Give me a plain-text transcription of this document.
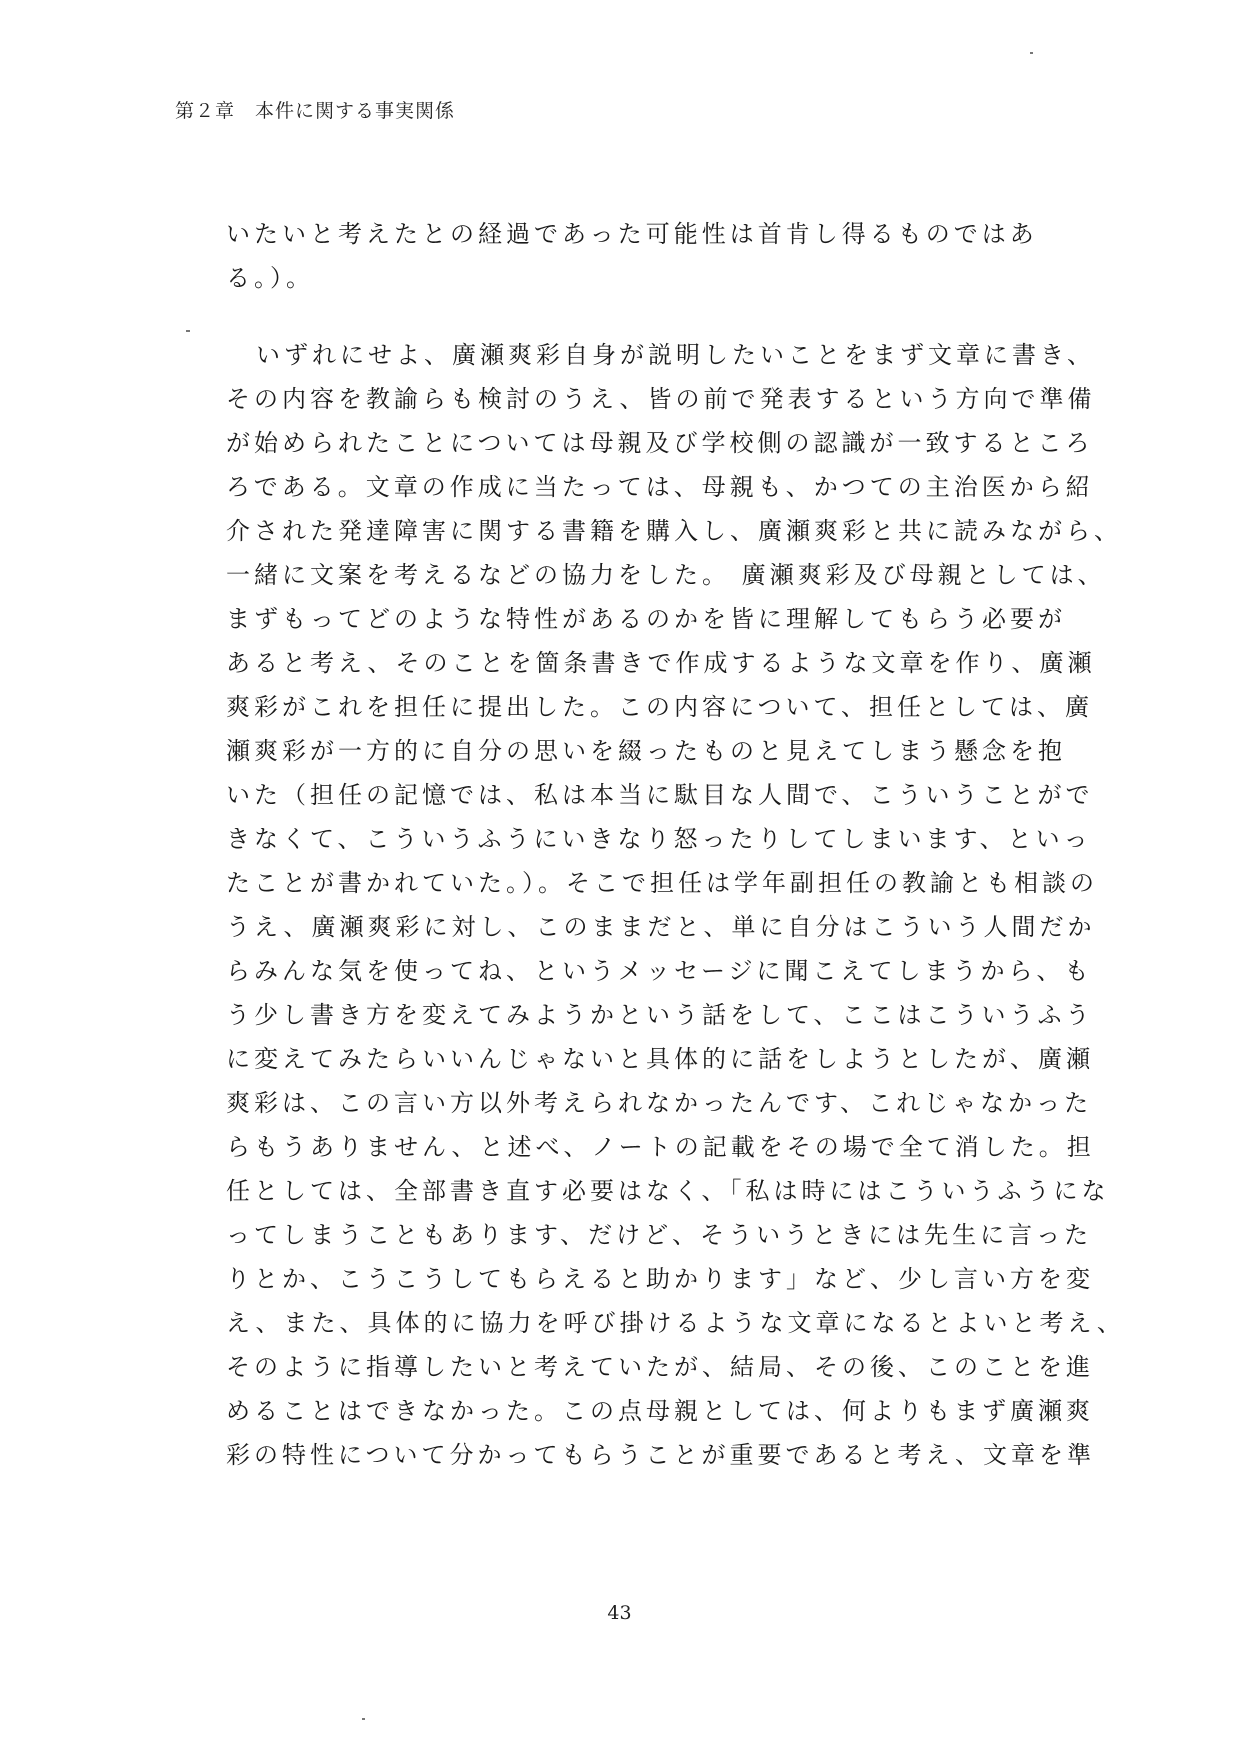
第２章　本件に関する事実関係
いたいと考えたとの経過であった可能性は首肯し得るものではあ
る。）。
いずれにせよ、廣瀬爽彩自身が説明したいことをまず文章に書き、
その内容を教諭らも検討のうえ、皆の前で発表するという方向で準備
が始められたことについては母親及び学校側の認識が一致するところ
ろである。文章の作成に当たっては、母親も、かつての主治医から紹
介された発達障害に関する書籍を購入し、廣瀬爽彩と共に読みながら、
一緒に文案を考えるなどの協力をした。 廣瀬爽彩及び母親としては、
まずもってどのような特性があるのかを皆に理解してもらう必要が
あると考え、そのことを箇条書きで作成するような文章を作り、廣瀬
爽彩がこれを担任に提出した。この内容について、担任としては、廣
瀬爽彩が一方的に自分の思いを綴ったものと見えてしまう懸念を抱
いた（担任の記憶では、私は本当に駄目な人間で、こういうことがで
きなくて、こういうふうにいきなり怒ったりしてしまいます、といっ
たことが書かれていた。）。そこで担任は学年副担任の教諭とも相談の
うえ、廣瀬爽彩に対し、このままだと、単に自分はこういう人間だか
らみんな気を使ってね、というメッセージに聞こえてしまうから、も
う少し書き方を変えてみようかという話をして、ここはこういうふう
に変えてみたらいいんじゃないと具体的に話をしようとしたが、廣瀬
爽彩は、この言い方以外考えられなかったんです、これじゃなかった
らもうありません、と述べ、ノートの記載をその場で全て消した。担
任としては、全部書き直す必要はなく、「私は時にはこういうふうにな
ってしまうこともあります、だけど、そういうときには先生に言った
りとか、こうこうしてもらえると助かります」など、少し言い方を変
え、また、具体的に協力を呼び掛けるような文章になるとよいと考え、
そのように指導したいと考えていたが、結局、その後、このことを進
めることはできなかった。この点母親としては、何よりもまず廣瀬爽
彩の特性について分かってもらうことが重要であると考え、文章を準
43
